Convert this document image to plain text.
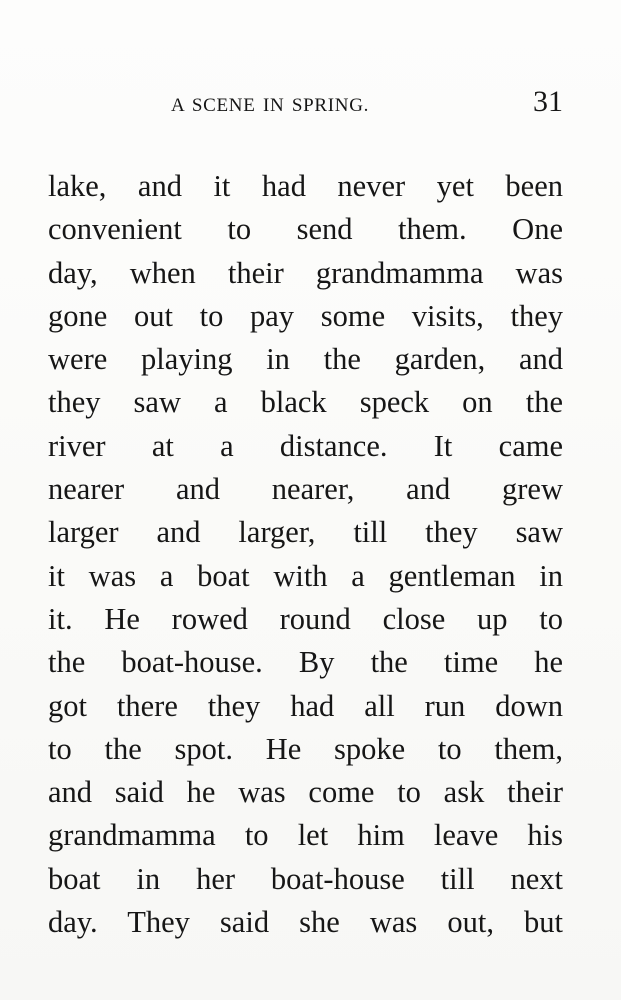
A SCENE IN SPRING.	31
lake, and it had never yet been
convenient to send them. One
day, when their grandmamma was
gone out to pay some visits, they
were playing in the garden, and
they saw a black speck on the
river at a distance. It came
nearer and nearer, and grew
larger and larger, till they saw
it was a boat with a gentleman in
it. He rowed round close up to
the boat-house. By the time he
got there they had all run down
to the spot. He spoke to them,
and said he was come to ask their
grandmamma to let him leave his
boat in her boat-house till next
day. They said she was out, but
